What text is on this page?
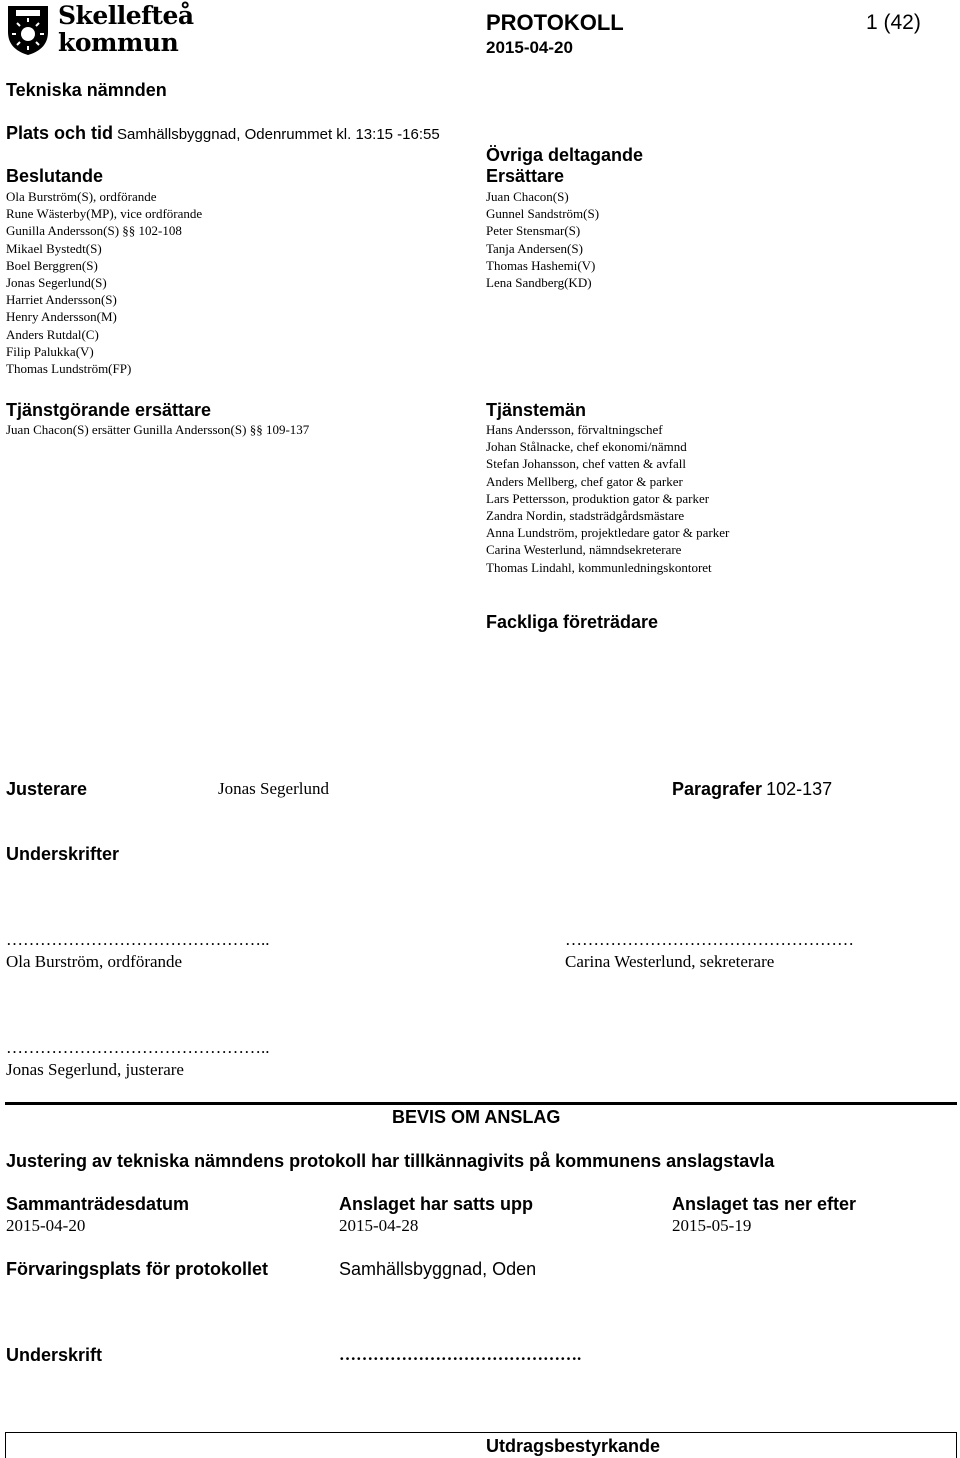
Skellefteå
kommun
PROTOKOLL
2015-04-20
1 (42)
Tekniska nämnden
Plats och tid Samhällsbyggnad, Odenrummet kl. 13:15 -16:55
Beslutande
Ola Burström(S), ordförande
Rune Wästerby(MP), vice ordförande
Gunilla Andersson(S) §§ 102-108
Mikael Bystedt(S)
Boel Berggren(S)
Jonas Segerlund(S)
Harriet Andersson(S)
Henry Andersson(M)
Anders Rutdal(C)
Filip Palukka(V)
Thomas Lundström(FP)
Tjänstgörande ersättare
Juan Chacon(S) ersätter Gunilla Andersson(S) §§ 109-137
Övriga deltagande
Ersättare
Juan Chacon(S)
Gunnel Sandström(S)
Peter Stensmar(S)
Tanja Andersen(S)
Thomas Hashemi(V)
Lena Sandberg(KD)
Tjänstemän
Hans Andersson, förvaltningschef
Johan Stålnacke, chef ekonomi/nämnd
Stefan Johansson, chef vatten & avfall
Anders Mellberg, chef gator & parker
Lars Pettersson, produktion gator & parker
Zandra Nordin, stadsträdgårdsmästare
Anna Lundström, projektledare gator & parker
Carina Westerlund, nämndsekreterare
Thomas Lindahl, kommunledningskontoret
Fackliga företrädare
Justerare	Jonas Segerlund	Paragrafer 102-137
Underskrifter
………………………………………..
Ola Burström, ordförande
……………………………………………
Carina Westerlund, sekreterare
………………………………………..
Jonas Segerlund, justerare
BEVIS OM ANSLAG
Justering av tekniska nämndens protokoll har tillkännagivits på kommunens anslagstavla
Sammanträdesdatum
2015-04-20
Anslaget har satts upp
2015-04-28
Anslaget tas ner efter
2015-05-19
Förvaringsplats för protokollet	Samhällsbyggnad, Oden
Underskrift	…………………………………….
Utdragsbestyrkande
